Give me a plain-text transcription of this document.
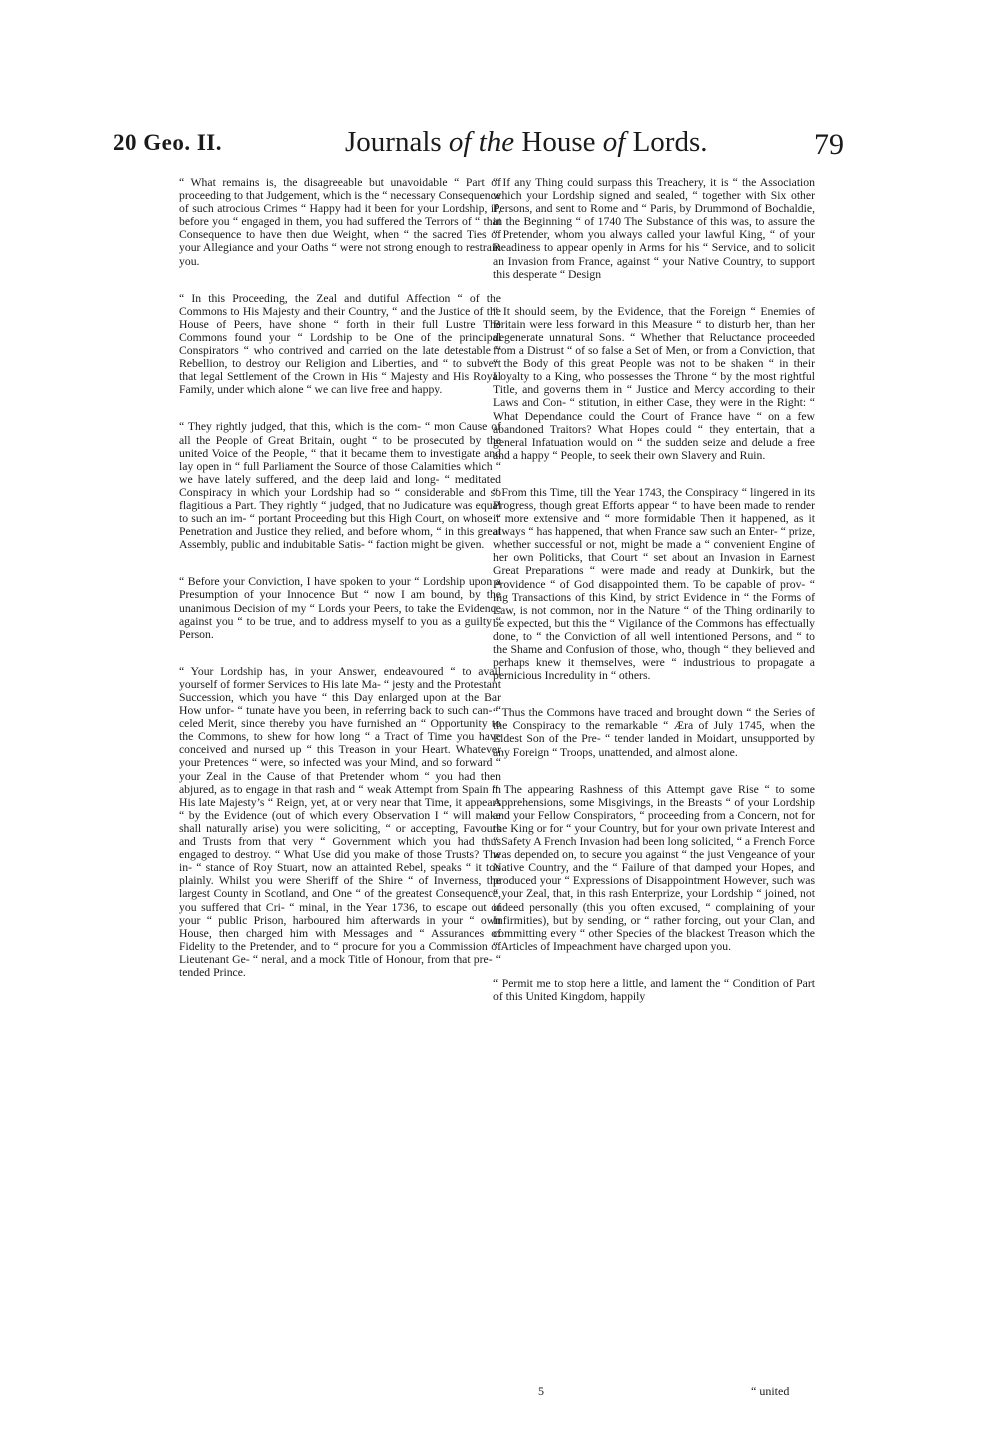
20 Geo. II.	Journals of the House of Lords.	79
“ What remains is, the disagreeable but unavoidable “ Part of proceeding to that Judgement, which is the “ necessary Consequence of such atrocious Crimes “ Happy had it been for your Lordship, if, before you “ engaged in them, you had suffered the Terrors of “ that Consequence to have then due Weight, when “ the sacred Ties of your Allegiance and your Oaths “ were not strong enough to restrain you.
“ In this Proceeding, the Zeal and dutiful Affection “ of the Commons to His Majesty and their Country, “ and the Justice of the House of Peers, have shone “ forth in their full Lustre The Commons found your “ Lordship to be One of the principal Conspirators “ who contrived and carried on the late detestable “ Rebellion, to destroy our Religion and Liberties, and “ to subvert that legal Settlement of the Crown in His “ Majesty and His Royal Family, under which alone “ we can live free and happy.
“ They rightly judged, that this, which is the com- “ mon Cause of all the People of Great Britain, ought “ to be prosecuted by the united Voice of the People, “ that it became them to investigate and lay open in “ full Parliament the Source of those Calamities which “ we have lately suffered, and the deep laid and long- “ meditated Conspiracy in which your Lordship had so “ considerable and so flagitious a Part. They rightly “ judged, that no Judicature was equal to such an im- “ portant Proceeding but this High Court, on whose “ Penetration and Justice they relied, and before whom, “ in this great Assembly, public and indubitable Satis- “ faction might be given.
“ Before your Conviction, I have spoken to your “ Lordship upon a Presumption of your Innocence But “ now I am bound, by the unanimous Decision of my “ Lords your Peers, to take the Evidence against you “ to be true, and to address myself to you as a guilty “ Person.
“ Your Lordship has, in your Answer, endeavoured “ to avail yourself of former Services to His late Ma- “ jesty and the Protestant Succession, which you have “ this Day enlarged upon at the Bar How unfor- “ tunate have you been, in referring back to such can- “ celed Merit, since thereby you have furnished an “ Opportunity to the Commons, to shew for how long “ a Tract of Time you have conceived and nursed up “ this Treason in your Heart. Whatever your Pretences “ were, so infected was your Mind, and so forward “ your Zeal in the Cause of that Pretender whom “ you had then abjured, as to engage in that rash and “ weak Attempt from Spain in His late Majesty’s “ Reign, yet, at or very near that Time, it appears “ by the Evidence (out of which every Observation I “ will make shall naturally arise) you were soliciting, “ or accepting, Favours and Trusts from that very “ Government which you had thus engaged to destroy. “ What Use did you make of those Trusts? The in- “ stance of Roy Stuart, now an attainted Rebel, speaks “ it too plainly. Whilst you were Sheriff of the Shire “ of Inverness, the largest County in Scotland, and One “ of the greatest Consequence, you suffered that Cri- “ minal, in the Year 1736, to escape out of your “ public Prison, harboured him afterwards in your “ own House, then charged him with Messages and “ Assurances of Fidelity to the Pretender, and to “ procure for you a Commission of Lieutenant Ge- “ neral, and a mock Title of Honour, from that pre- “ tended Prince.
“ If any Thing could surpass this Treachery, it is “ the Association which your Lordship signed and sealed, “ together with Six other Persons, and sent to Rome and “ Paris, by Drummond of Bochaldie, in the Beginning “ of 1740 The Substance of this was, to assure the “ Pretender, whom you always called your lawful King, “ of your Readiness to appear openly in Arms for his “ Service, and to solicit an Invasion from France, against “ your Native Country, to support this desperate “ Design
“ It should seem, by the Evidence, that the Foreign “ Enemies of Britain were less forward in this Measure “ to disturb her, than her degenerate unnatural Sons. “ Whether that Reluctance proceeded from a Distrust “ of so false a Set of Men, or from a Conviction, that “ the Body of this great People was not to be shaken “ in their Loyalty to a King, who possesses the Throne “ by the most rightful Title, and governs them in “ Justice and Mercy according to their Laws and Con- “ stitution, in either Case, they were in the Right: “ What Dependance could the Court of France have “ on a few abandoned Traitors? What Hopes could “ they entertain, that a general Infatuation would on “ the sudden seize and delude a free and a happy “ People, to seek their own Slavery and Ruin.
“ From this Time, till the Year 1743, the Conspiracy “ lingered in its Progress, though great Efforts appear “ to have been made to render it more extensive and “ more formidable Then it happened, as it always “ has happened, that when France saw such an Enter- “ prize, whether successful or not, might be made a “ convenient Engine of her own Politicks, that Court “ set about an Invasion in Earnest Great Preparations “ were made and ready at Dunkirk, but the Providence “ of God disappointed them. To be capable of prov- “ ing Transactions of this Kind, by strict Evidence in “ the Forms of Law, is not common, nor in the Nature “ of the Thing ordinarily to be expected, but this the “ Vigilance of the Commons has effectually done, to “ the Conviction of all well intentioned Persons, and “ to the Shame and Confusion of those, who, though “ they believed and perhaps knew it themselves, were “ industrious to propagate a pernicious Incredulity in “ others.
“ Thus the Commons have traced and brought down “ the Series of the Conspiracy to the remarkable “ Æra of July 1745, when the Eldest Son of the Pre- “ tender landed in Moidart, unsupported by any Foreign “ Troops, unattended, and almost alone.
“ The appearing Rashness of this Attempt gave Rise “ to some Apprehensions, some Misgivings, in the Breasts “ of your Lordship and your Fellow Conspirators, “ proceeding from a Concern, not for the King or for “ your Country, but for your own private Interest and “ Safety A French Invasion had been long solicited, “ a French Force was depended on, to secure you against “ the just Vengeance of your Native Country, and the “ Failure of that damped your Hopes, and produced your “ Expressions of Disappointment However, such was “ your Zeal, that, in this rash Enterprize, your Lordship “ joined, not indeed personally (this you often excused, “ complaining of your Infirmities), but by sending, or “ rather forcing, out your Clan, and committing every “ other Species of the blackest Treason which the “ Articles of Impeachment have charged upon you.
“ Permit me to stop here a little, and lament the “ Condition of Part of this United Kingdom, happily
5	“ united
